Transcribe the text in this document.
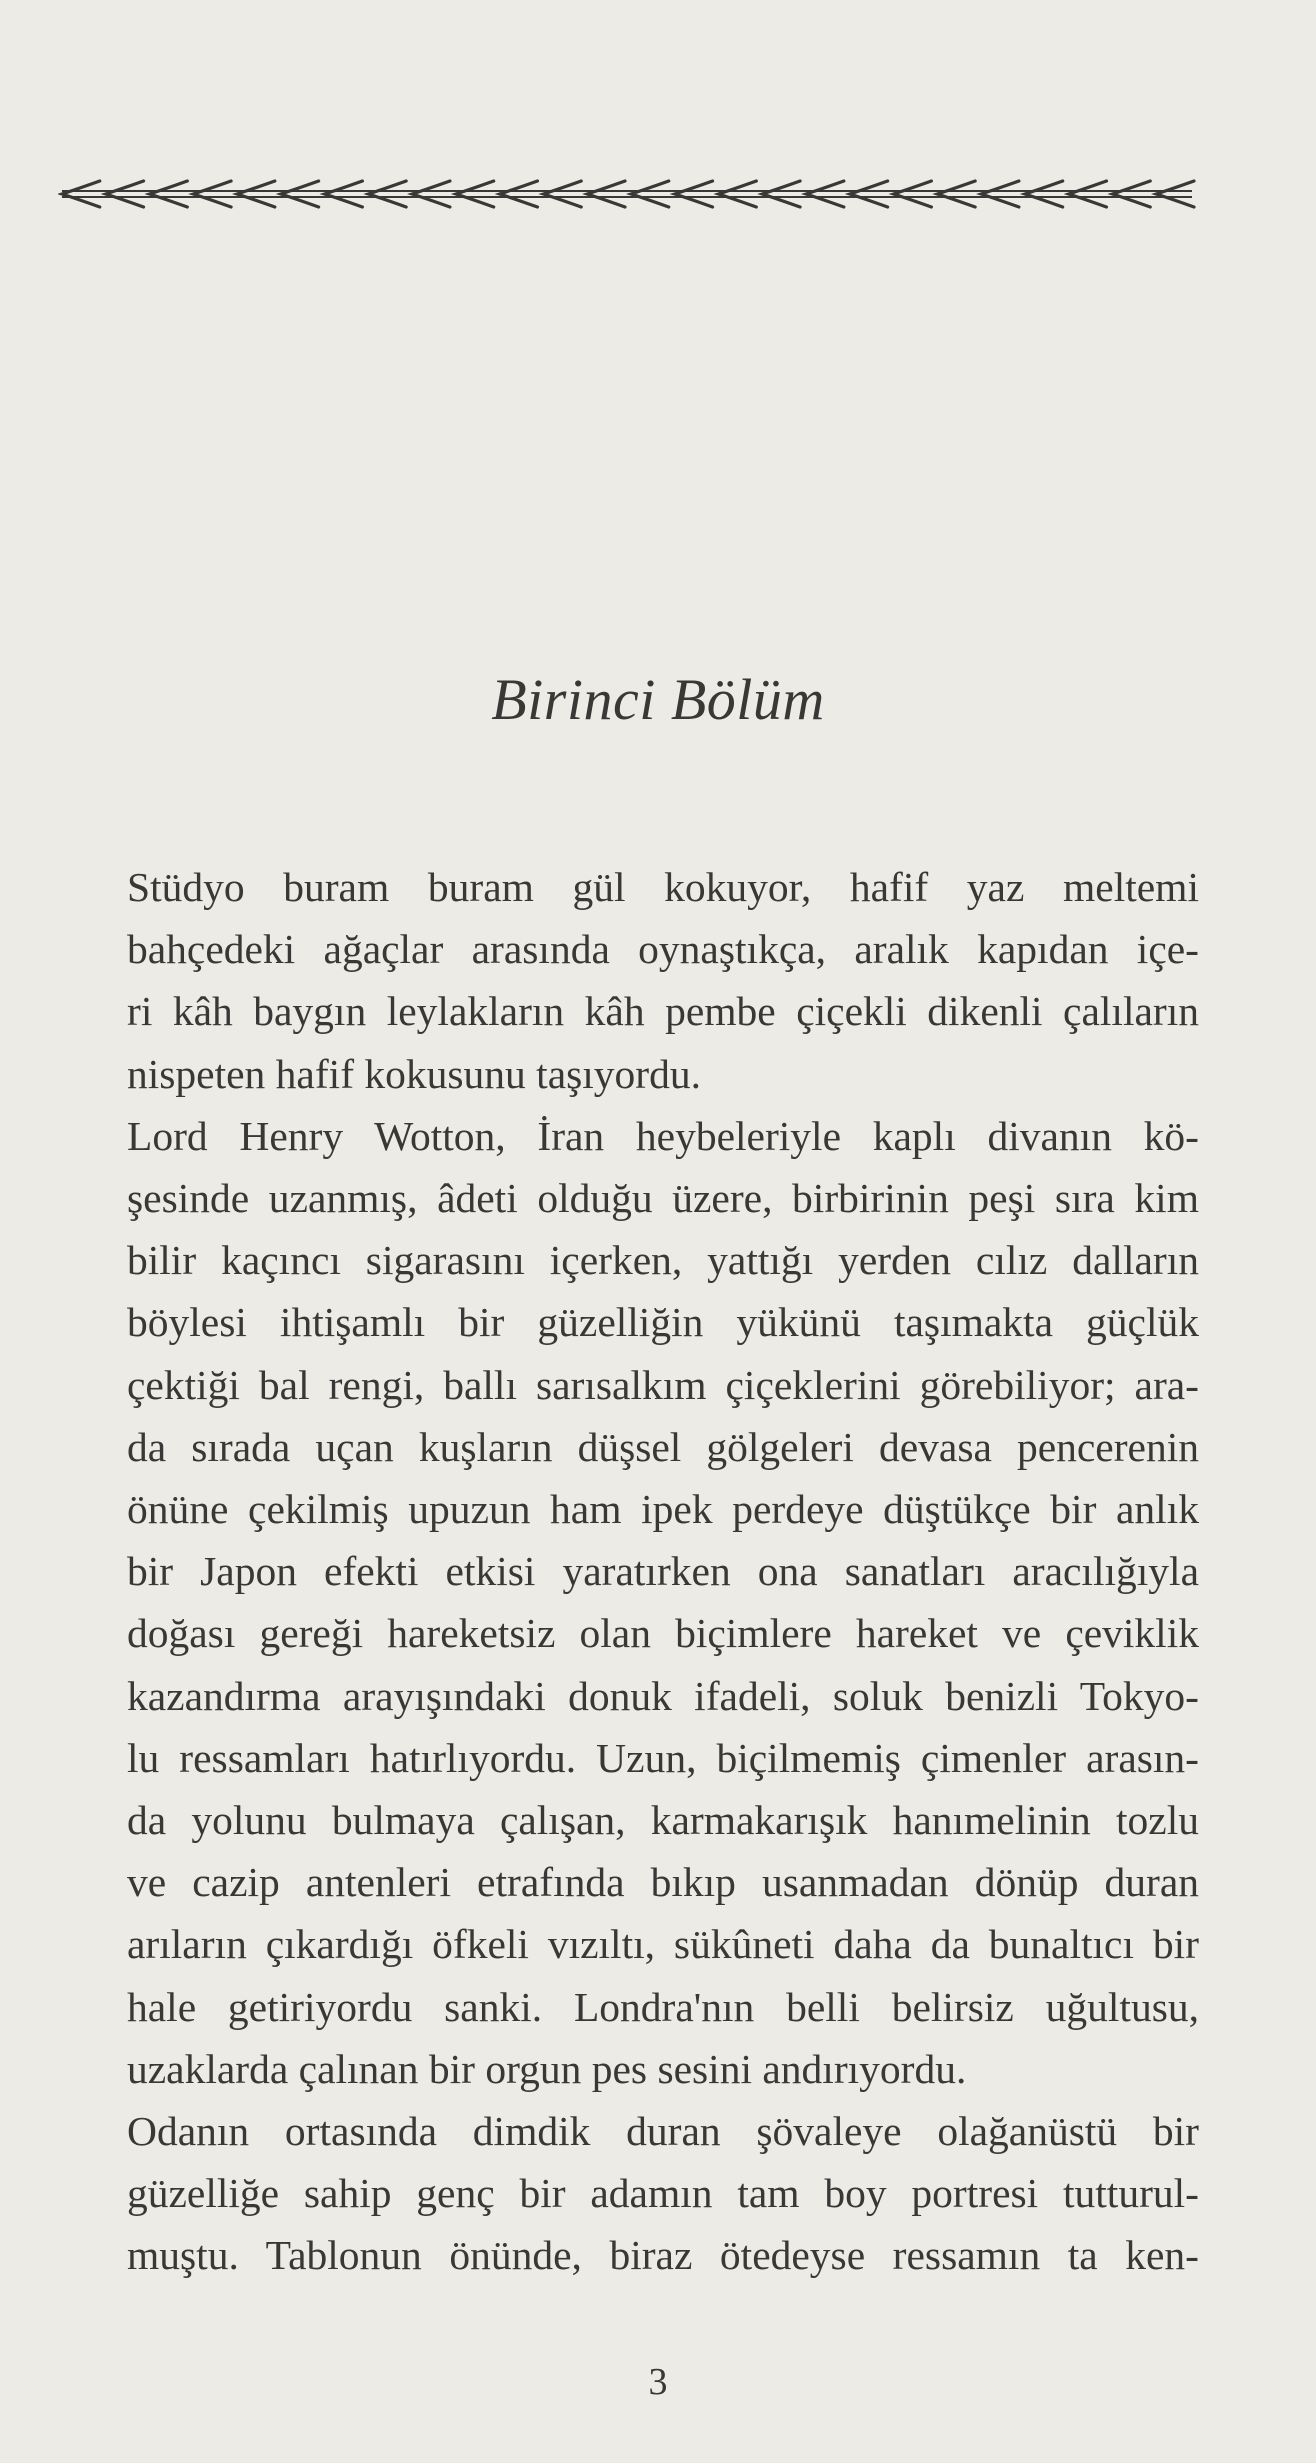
Birinci Bölüm

Stüdyo buram buram gül kokuyor, hafif yaz meltemi
bahçedeki ağaçlar arasında oynaştıkça, aralık kapıdan içe-
ri kâh baygın leylakların kâh pembe çiçekli dikenli çalıların
nispeten hafif kokusunu taşıyordu.

Lord Henry Wotton, İran heybeleriyle kaplı divanın kö-
şesinde uzanmış, âdeti olduğu üzere, birbirinin peşi sıra kim
bilir kaçıncı sigarasını içerken, yattığı yerden cılız dalların
böylesi ihtişamlı bir güzelliğin yükünü taşımakta güçlük
çektiği bal rengi, ballı sarısalkım çiçeklerini görebiliyor; ara-
da sırada uçan kuşların düşsel gölgeleri devasa pencerenin
önüne çekilmiş upuzun ham ipek perdeye düştükçe bir anlık
bir Japon efekti etkisi yaratırken ona sanatları aracılığıyla
doğası gereği hareketsiz olan biçimlere hareket ve çeviklik
kazandırma arayışındaki donuk ifadeli, soluk benizli Tokyo-
lu ressamları hatırlıyordu. Uzun, biçilmemiş çimenler arasın-
da yolunu bulmaya çalışan, karmakarışık hanımelinin tozlu
ve cazip antenleri etrafında bıkıp usanmadan dönüp duran
arıların çıkardığı öfkeli vızıltı, sükûneti daha da bunaltıcı bir
hale getiriyordu sanki. Londra'nın belli belirsiz uğultusu,
uzaklarda çalınan bir orgun pes sesini andırıyordu.

Odanın ortasında dimdik duran şövaleye olağanüstü bir
güzelliğe sahip genç bir adamın tam boy portresi tutturul-
muştu. Tablonun önünde, biraz ötedeyse ressamın ta ken-

3
